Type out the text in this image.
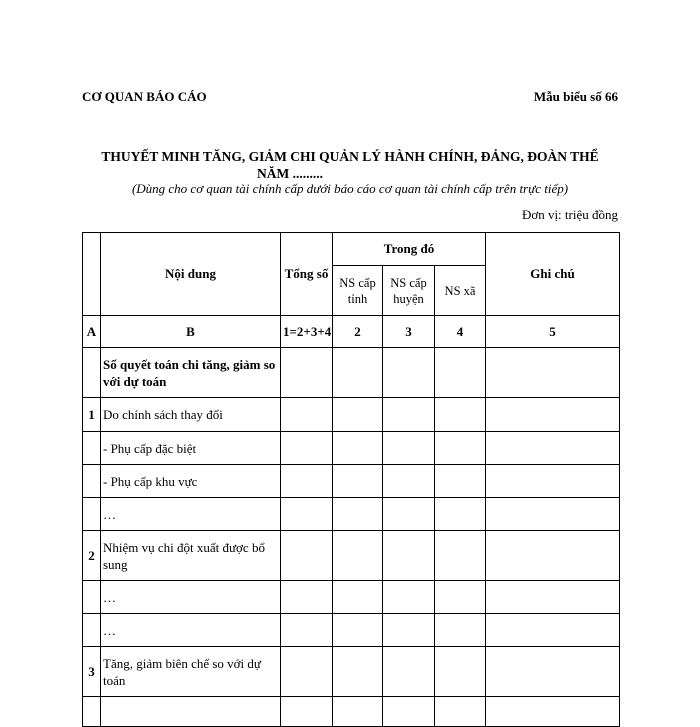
CƠ QUAN BÁO CÁO	Mẫu biểu số 66
THUYẾT MINH TĂNG, GIẢM CHI QUẢN LÝ HÀNH CHÍNH, ĐẢNG, ĐOÀN THỂ
NĂM .........
(Dùng cho cơ quan tài chính cấp dưới báo cáo cơ quan tài chính cấp trên trực tiếp)
Đơn vị: triệu đồng
	Nội dung	Tổng số	Trong đó			Ghi chú
			NS cấp tỉnh	NS cấp huyện	NS xã	
A	B	1=2+3+4	2	3	4	5
	Số quyết toán chi tăng, giảm so với dự toán					
1	Do chính sách thay đổi					
	- Phụ cấp đặc biệt					
	- Phụ cấp khu vực					
	…					
2	Nhiệm vụ chi đột xuất được bổ sung					
	…					
	…					
3	Tăng, giảm biên chế so với dự toán					
